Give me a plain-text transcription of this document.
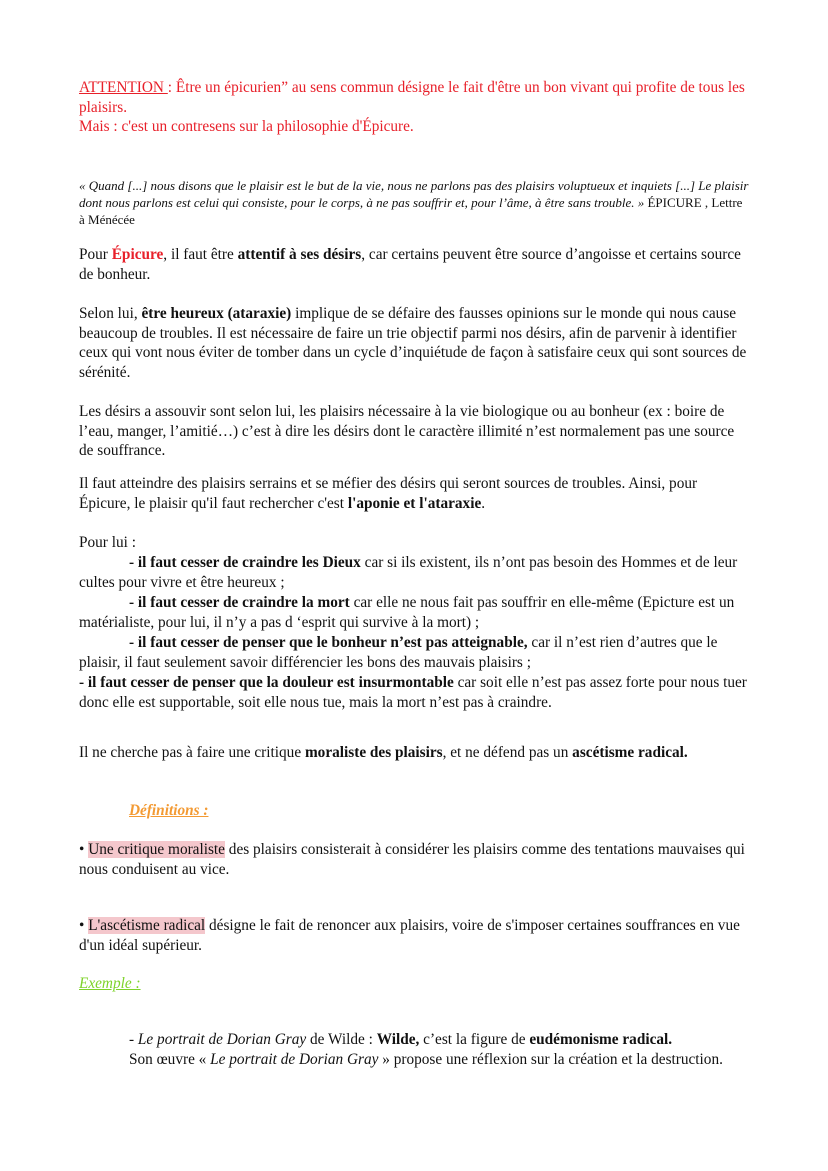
ATTENTION : Être un épicurien” au sens commun désigne le fait d'être un bon vivant qui profite de tous les plaisirs.
Mais : c'est un contresens sur la philosophie d'Épicure.
« Quand [...] nous disons que le plaisir est le but de la vie, nous ne parlons pas des plaisirs voluptueux et inquiets [...] Le plaisir dont nous parlons est celui qui consiste, pour le corps, à ne pas souffrir et, pour l’âme, à être sans trouble. » ÉPICURE , Lettre à Ménécée
Pour Épicure, il faut être attentif à ses désirs, car certains peuvent être source d’angoisse et certains source de bonheur.
Selon lui, être heureux (ataraxie) implique de se défaire des fausses opinions sur le monde qui nous cause beaucoup de troubles. Il est nécessaire de faire un trie objectif parmi nos désirs, afin de parvenir à identifier ceux qui vont nous éviter de tomber dans un cycle d’inquiétude de façon à satisfaire ceux qui sont sources de sérénité.
Les désirs a assouvir sont selon lui, les plaisirs nécessaire à la vie biologique ou au bonheur (ex : boire de l’eau, manger, l’amitié…) c’est à dire les désirs dont le caractère illimité n’est normalement pas une source de souffrance.
Il faut atteindre des plaisirs serrains et se méfier des désirs qui seront sources de troubles. Ainsi, pour Épicure, le plaisir qu'il faut rechercher c'est l'aponie et l'ataraxie.
Pour lui :
- il faut cesser de craindre les Dieux car si ils existent, ils n’ont pas besoin des Hommes et de leur cultes pour vivre et être heureux ;
- il faut cesser de craindre la mort car elle ne nous fait pas souffrir en elle-même (Epicture est un matérialiste, pour lui, il n’y a pas d ‘esprit qui survive à la mort) ;
- il faut cesser de penser que le bonheur n’est pas atteignable, car il n’est rien d’autres que le plaisir, il faut seulement savoir différencier les bons des mauvais plaisirs ;
- il faut cesser de penser que la douleur est insurmontable car soit elle n’est pas assez forte pour nous tuer donc elle est supportable, soit elle nous tue, mais la mort n’est pas à craindre.
Il ne cherche pas à faire une critique moraliste des plaisirs, et ne défend pas un ascétisme radical.
Définitions :
• Une critique moraliste des plaisirs consisterait à considérer les plaisirs comme des tentations mauvaises qui nous conduisent au vice.
• L'ascétisme radical désigne le fait de renoncer aux plaisirs, voire de s'imposer certaines souffrances en vue d'un idéal supérieur.
Exemple :
- Le portrait de Dorian Gray de Wilde : Wilde, c’est la figure de eudémonisme radical.
Son œuvre « Le portrait de Dorian Gray » propose une réflexion sur la création et la destruction.
